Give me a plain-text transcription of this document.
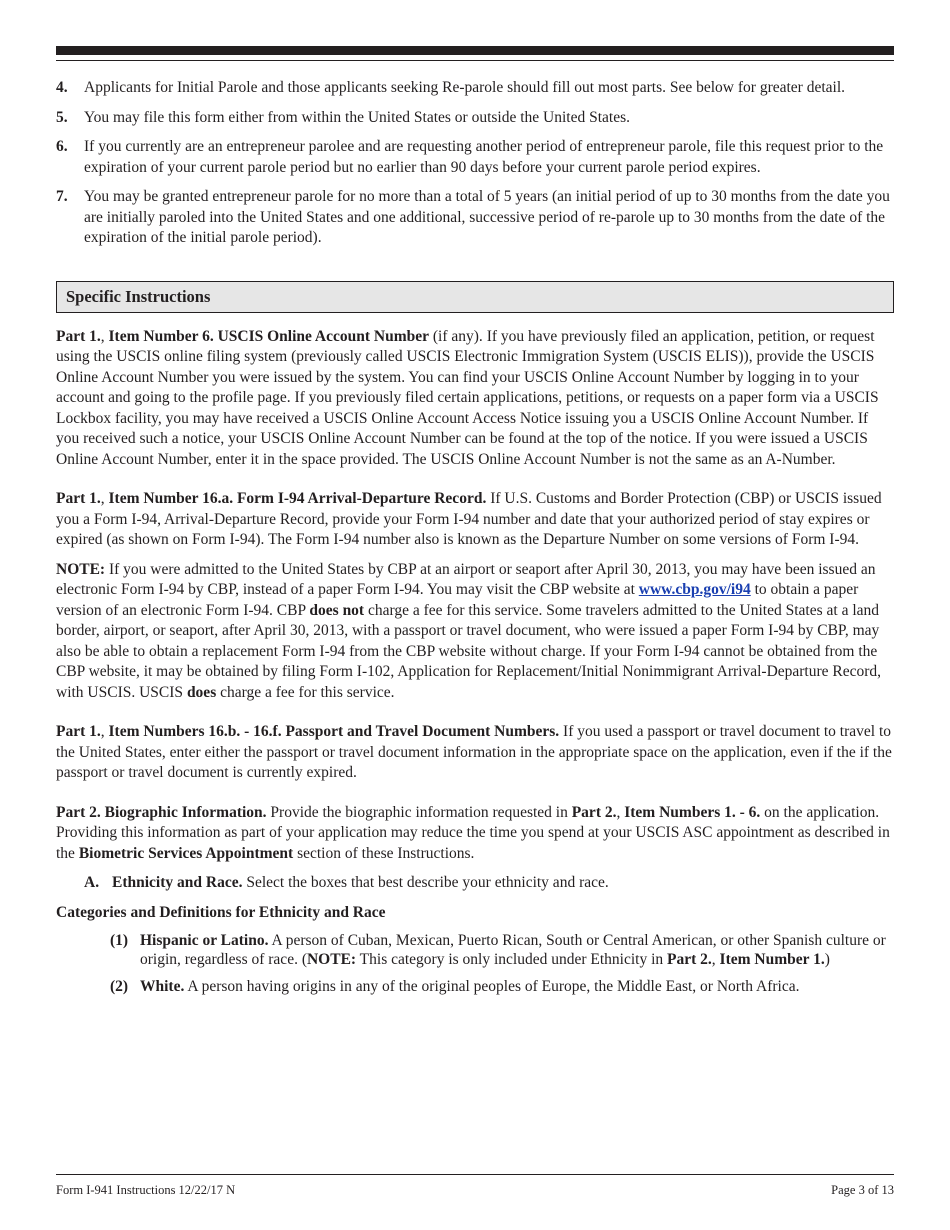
4. Applicants for Initial Parole and those applicants seeking Re-parole should fill out most parts. See below for greater detail.
5. You may file this form either from within the United States or outside the United States.
6. If you currently are an entrepreneur parolee and are requesting another period of entrepreneur parole, file this request prior to the expiration of your current parole period but no earlier than 90 days before your current parole period expires.
7. You may be granted entrepreneur parole for no more than a total of 5 years (an initial period of up to 30 months from the date you are initially paroled into the United States and one additional, successive period of re-parole up to 30 months from the date of the expiration of the initial parole period).
Specific Instructions

Part 1., Item Number 6. USCIS Online Account Number (if any). If you have previously filed an application, petition, or request using the USCIS online filing system (previously called USCIS Electronic Immigration System (USCIS ELIS)), provide the USCIS Online Account Number you were issued by the system. You can find your USCIS Online Account Number by logging in to your account and going to the profile page. If you previously filed certain applications, petitions, or requests on a paper form via a USCIS Lockbox facility, you may have received a USCIS Online Account Access Notice issuing you a USCIS Online Account Number. If you received such a notice, your USCIS Online Account Number can be found at the top of the notice. If you were issued a USCIS Online Account Number, enter it in the space provided. The USCIS Online Account Number is not the same as an A-Number.

Part 1., Item Number 16.a. Form I-94 Arrival-Departure Record. If U.S. Customs and Border Protection (CBP) or USCIS issued you a Form I-94, Arrival-Departure Record, provide your Form I-94 number and date that your authorized period of stay expires or expired (as shown on Form I-94). The Form I-94 number also is known as the Departure Number on some versions of Form I-94.

NOTE: If you were admitted to the United States by CBP at an airport or seaport after April 30, 2013, you may have been issued an electronic Form I-94 by CBP, instead of a paper Form I-94. You may visit the CBP website at www.cbp.gov/i94 to obtain a paper version of an electronic Form I-94. CBP does not charge a fee for this service. Some travelers admitted to the United States at a land border, airport, or seaport, after April 30, 2013, with a passport or travel document, who were issued a paper Form I-94 by CBP, may also be able to obtain a replacement Form I-94 from the CBP website without charge. If your Form I-94 cannot be obtained from the CBP website, it may be obtained by filing Form I-102, Application for Replacement/Initial Nonimmigrant Arrival-Departure Record, with USCIS. USCIS does charge a fee for this service.

Part 1., Item Numbers 16.b. - 16.f. Passport and Travel Document Numbers. If you used a passport or travel document to travel to the United States, enter either the passport or travel document information in the appropriate space on the application, even if the if the passport or travel document is currently expired.

Part 2. Biographic Information. Provide the biographic information requested in Part 2., Item Numbers 1. - 6. on the application. Providing this information as part of your application may reduce the time you spend at your USCIS ASC appointment as described in the Biometric Services Appointment section of these Instructions.

A. Ethnicity and Race. Select the boxes that best describe your ethnicity and race.
Categories and Definitions for Ethnicity and Race
(1) Hispanic or Latino. A person of Cuban, Mexican, Puerto Rican, South or Central American, or other Spanish culture or origin, regardless of race. (NOTE: This category is only included under Ethnicity in Part 2., Item Number 1.)
(2) White. A person having origins in any of the original peoples of Europe, the Middle East, or North Africa.
Form I-941 Instructions 12/22/17 N	Page 3 of 13
